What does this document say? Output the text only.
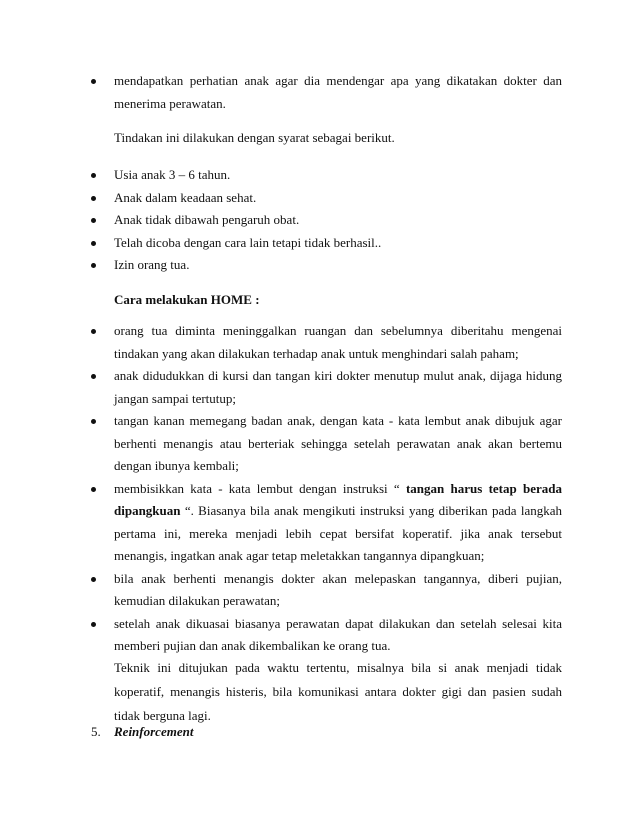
mendapatkan perhatian anak agar dia mendengar apa yang dikatakan dokter dan menerima perawatan.
Tindakan ini dilakukan dengan syarat sebagai berikut.
Usia anak 3 – 6 tahun.
Anak dalam keadaan sehat.
Anak tidak dibawah pengaruh obat.
Telah dicoba dengan cara lain tetapi tidak berhasil..
Izin orang tua.
Cara melakukan HOME :
orang tua diminta meninggalkan ruangan dan sebelumnya diberitahu mengenai tindakan yang akan dilakukan terhadap anak untuk menghindari salah paham;
anak didudukkan di kursi dan tangan kiri dokter menutup mulut anak, dijaga hidung jangan sampai tertutup;
tangan kanan memegang badan anak, dengan kata - kata lembut anak dibujuk agar berhenti menangis atau berteriak sehingga setelah perawatan anak akan bertemu dengan ibunya kembali;
membisikkan kata - kata lembut dengan instruksi “ tangan harus tetap berada dipangkuan “. Biasanya bila anak mengikuti instruksi yang diberikan pada langkah pertama ini, mereka menjadi lebih cepat bersifat koperatif. jika anak tersebut menangis, ingatkan anak agar tetap meletakkan tangannya dipangkuan;
bila anak berhenti menangis dokter akan melepaskan tangannya, diberi pujian, kemudian dilakukan perawatan;
setelah anak dikuasai biasanya perawatan dapat dilakukan dan setelah selesai kita memberi pujian dan anak dikembalikan ke orang tua.
Teknik ini ditujukan pada waktu tertentu, misalnya bila si anak menjadi tidak koperatif, menangis histeris, bila komunikasi antara dokter gigi dan pasien sudah tidak berguna lagi.
5. Reinforcement
